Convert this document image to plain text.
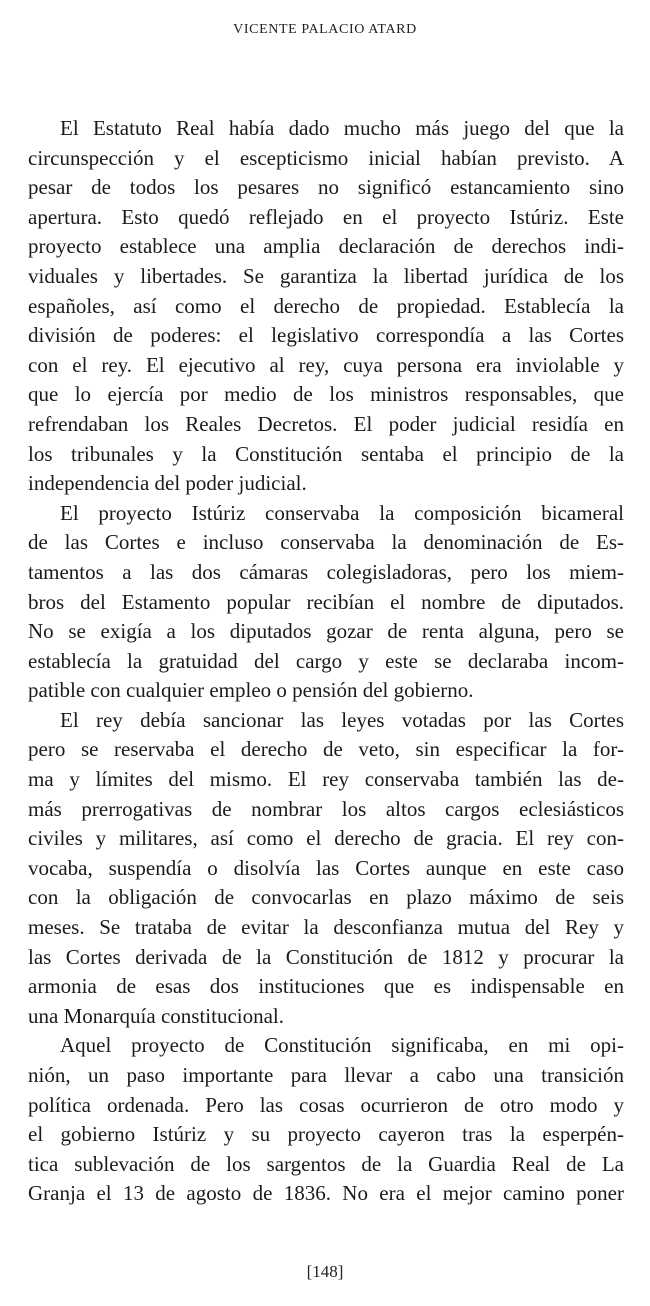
VICENTE PALACIO ATARD
El Estatuto Real había dado mucho más juego del que la
circunspección y el escepticismo inicial habían previsto. A
pesar de todos los pesares no significó estancamiento sino
apertura. Esto quedó reflejado en el proyecto Istúriz. Este
proyecto establece una amplia declaración de derechos indi-
viduales y libertades. Se garantiza la libertad jurídica de los
españoles, así como el derecho de propiedad. Establecía la
división de poderes: el legislativo correspondía a las Cortes
con el rey. El ejecutivo al rey, cuya persona era inviolable y
que lo ejercía por medio de los ministros responsables, que
refrendaban los Reales Decretos. El poder judicial residía en
los tribunales y la Constitución sentaba el principio de la
independencia del poder judicial.
El proyecto Istúriz conservaba la composición bicameral
de las Cortes e incluso conservaba la denominación de Es-
tamentos a las dos cámaras colegisladoras, pero los miem-
bros del Estamento popular recibían el nombre de diputados.
No se exigía a los diputados gozar de renta alguna, pero se
establecía la gratuidad del cargo y este se declaraba incom-
patible con cualquier empleo o pensión del gobierno.
El rey debía sancionar las leyes votadas por las Cortes
pero se reservaba el derecho de veto, sin especificar la for-
ma y límites del mismo. El rey conservaba también las de-
más prerrogativas de nombrar los altos cargos eclesiásticos
civiles y militares, así como el derecho de gracia. El rey con-
vocaba, suspendía o disolvía las Cortes aunque en este caso
con la obligación de convocarlas en plazo máximo de seis
meses. Se trataba de evitar la desconfianza mutua del Rey y
las Cortes derivada de la Constitución de 1812 y procurar la
armonia de esas dos instituciones que es indispensable en
una Monarquía constitucional.
Aquel proyecto de Constitución significaba, en mi opi-
nión, un paso importante para llevar a cabo una transición
política ordenada. Pero las cosas ocurrieron de otro modo y
el gobierno Istúriz y su proyecto cayeron tras la esperpén-
tica sublevación de los sargentos de la Guardia Real de La
Granja el 13 de agosto de 1836. No era el mejor camino poner
[148]
